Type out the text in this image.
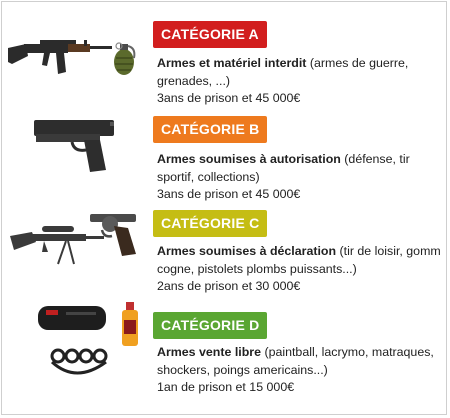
CATÉGORIE A
Armes et matériel interdit (armes de guerre, grenades, ...)
3ans de prison et 45 000€
CATÉGORIE B
Armes soumises à autorisation (défense, tir sportif, collections)
3ans de prison et 45 000€
CATÉGORIE C
Armes soumises à déclaration (tir de loisir, gomm cogne, pistolets plombs puissants...)
2ans de prison et 30 000€
CATÉGORIE D
Armes vente libre (paintball, lacrymo, matraques, shockers, poings americains...)
1an de prison et 15 000€
